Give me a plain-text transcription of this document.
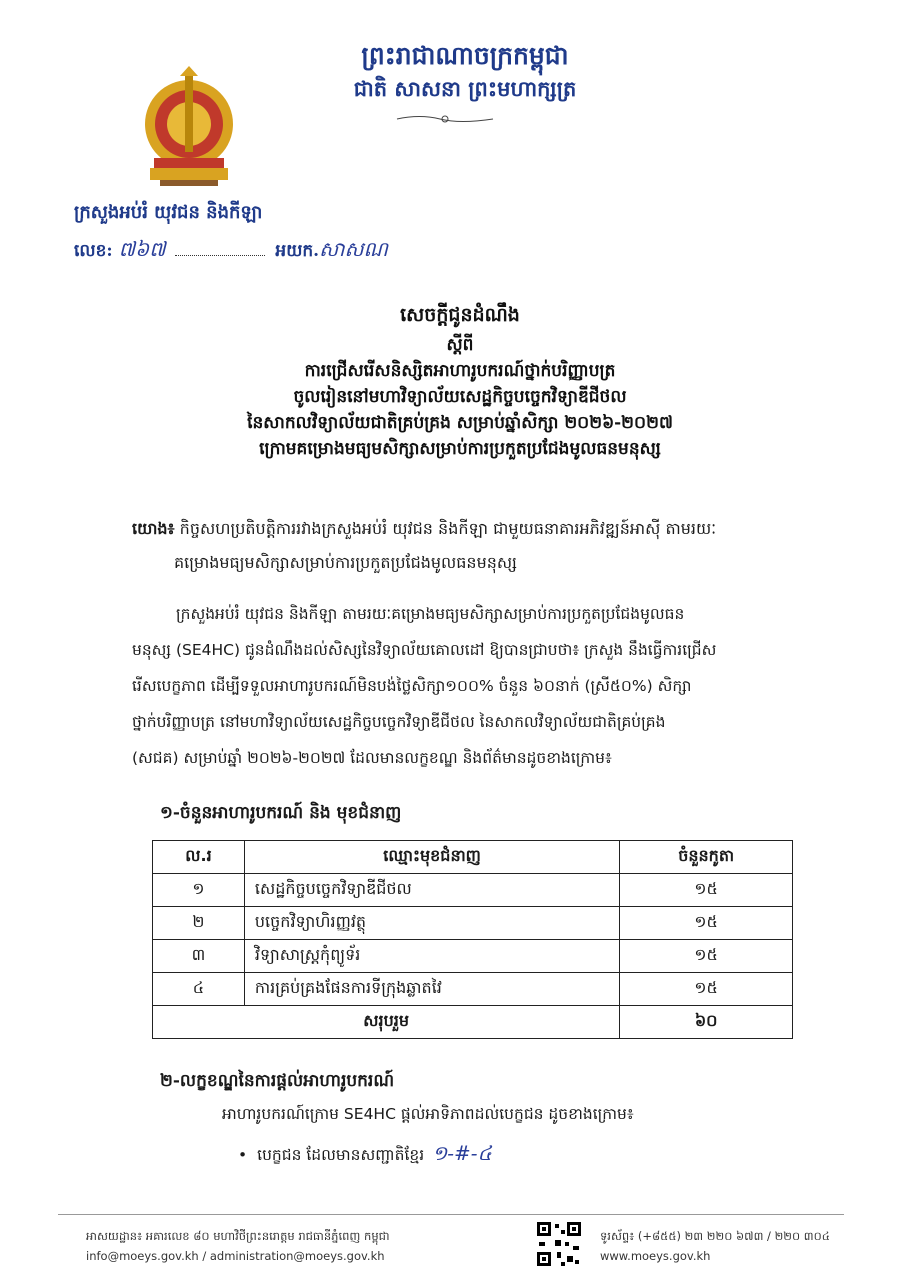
ព្រះរាជាណាចក្រកម្ពុជា
ជាតិ សាសនា ព្រះមហាក្សត្រ
ក្រសួងអប់រំ យុវជន និងកីឡា
លេខ: ៧៦៧	អយក.សាសណ
សេចក្ដីជូនដំណឹង
ស្ដីពី
ការជ្រើសរើសនិស្សិតអាហារូបករណ៍ថ្នាក់បរិញ្ញាបត្រ
ចូលរៀននៅមហាវិទ្យាល័យសេដ្ឋកិច្ចបច្ចេកវិទ្យាឌីជីថល
នៃសាកលវិទ្យាល័យជាតិគ្រប់គ្រង សម្រាប់ឆ្នាំសិក្សា ២០២៦-២០២៧
ក្រោមគម្រោងមធ្យមសិក្សាសម្រាប់ការប្រកួតប្រជែងមូលធនមនុស្ស
យោង៖ កិច្ចសហប្រតិបត្តិការរវាងក្រសួងអប់រំ យុវជន និងកីឡា ជាមួយធនាគារអភិវឌ្ឍន៍អាស៊ី តាមរយៈ
គម្រោងមធ្យមសិក្សាសម្រាប់ការប្រកួតប្រជែងមូលធនមនុស្ស
ក្រសួងអប់រំ យុវជន និងកីឡា តាមរយៈគម្រោងមធ្យមសិក្សាសម្រាប់ការប្រកួតប្រជែងមូលធន
មនុស្ស (SE4HC) ជូនដំណឹងដល់សិស្សនៃវិទ្យាល័យគោលដៅ ឱ្យបានជ្រាបថា៖ ក្រសួង នឹងធ្វើការជ្រើស
រើសបេក្ខភាព ដើម្បីទទួលអាហារូបករណ៍មិនបង់ថ្លៃសិក្សា១០០% ចំនួន ៦០នាក់ (ស្រី៥០%) សិក្សា
ថ្នាក់បរិញ្ញាបត្រ នៅមហាវិទ្យាល័យសេដ្ឋកិច្ចបច្ចេកវិទ្យាឌីជីថល នៃសាកលវិទ្យាល័យជាតិគ្រប់គ្រង
(សជគ) សម្រាប់ឆ្នាំ ២០២៦-២០២៧ ដែលមានលក្ខខណ្ឌ និងព័ត៌មានដូចខាងក្រោម៖
១-ចំនួនអាហារូបករណ៍ និង មុខជំនាញ
ល.រ	ឈ្មោះមុខជំនាញ	ចំនួនកូតា
១	សេដ្ឋកិច្ចបច្ចេកវិទ្យាឌីជីថល	១៥
២	បច្ចេកវិទ្យាហិរញ្ញវត្ថុ	១៥
៣	វិទ្យាសាស្ត្រកុំព្យូទ័រ	១៥
៤	ការគ្រប់គ្រងផែនការទីក្រុងឆ្លាតវៃ	១៥
សរុបរួម		៦០
២-លក្ខខណ្ឌនៃការផ្ដល់អាហារូបករណ៍
អាហារូបករណ៍ក្រោម SE4HC ផ្ដល់អាទិភាពដល់បេក្ខជន ដូចខាងក្រោម៖
• បេក្ខជន ដែលមានសញ្ជាតិខ្មែរ ១-#-៤
អាសយដ្ឋាន៖ អគារលេខ ៨០ មហាវិថីព្រះនរោត្តម រាជធានីភ្នំពេញ កម្ពុជា
info@moeys.gov.kh / administration@moeys.gov.kh
ទូរស័ព្ទ៖ (+៨៥៥) ២៣ ២២០ ៦៧៣ / ២២០ ៣០៤
www.moeys.gov.kh
